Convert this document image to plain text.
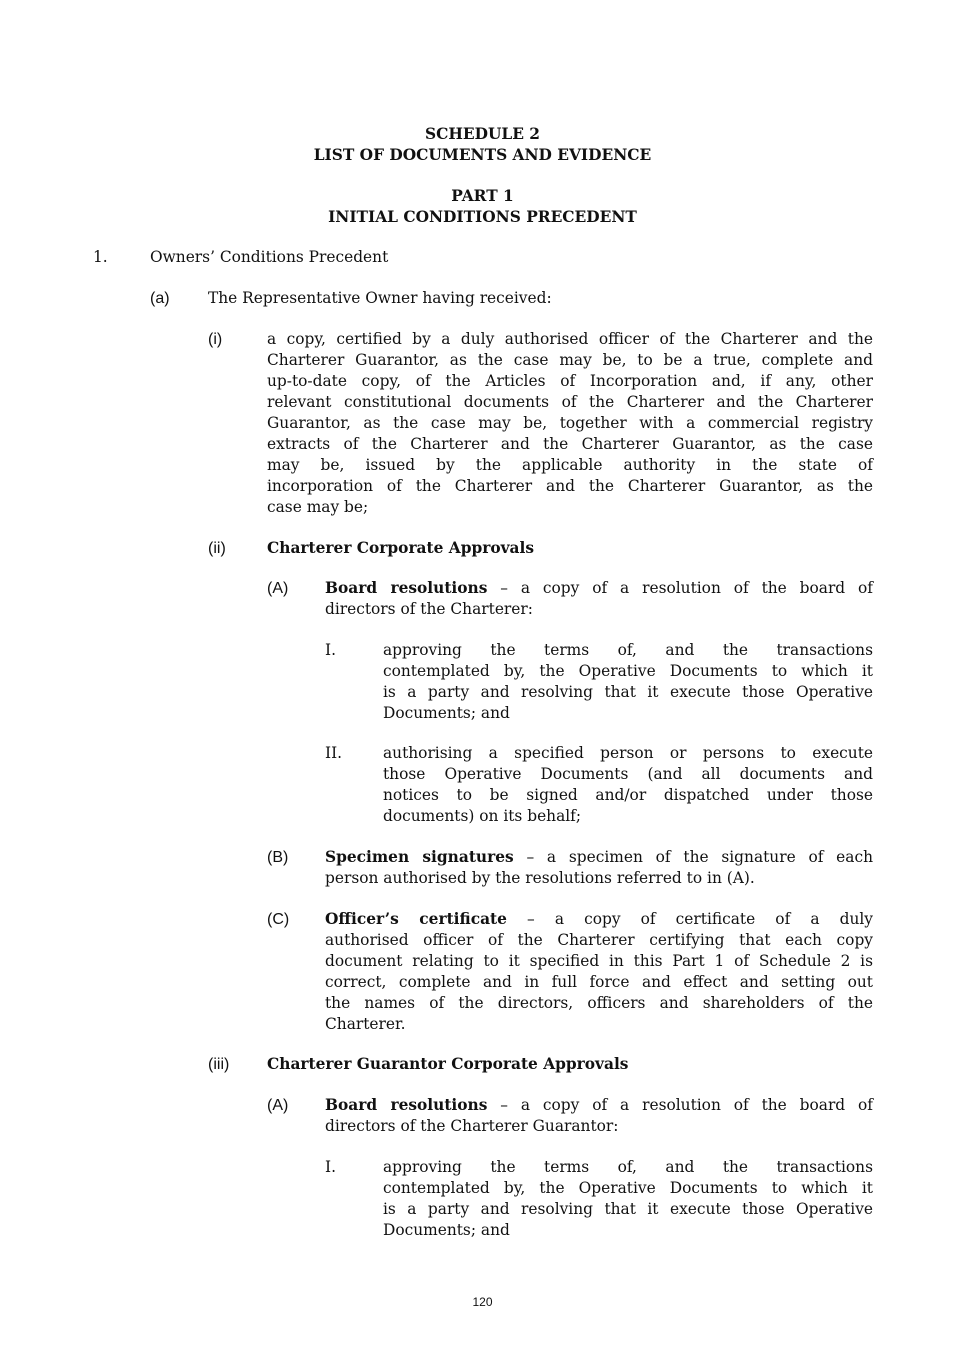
SCHEDULE 2
LIST OF DOCUMENTS AND EVIDENCE
PART 1
INITIAL CONDITIONS PRECEDENT
1.	Owners’ Conditions Precedent
(a) The Representative Owner having received:
(i)	a copy, certified by a duly authorised officer of the Charterer and the
Charterer Guarantor, as the case may be, to be a true, complete and
up-to-date copy, of the Articles of Incorporation and, if any, other
relevant constitutional documents of the Charterer and the Charterer
Guarantor, as the case may be, together with a commercial registry
extracts of the Charterer and the Charterer Guarantor, as the case
may be, issued by the applicable authority in the state of
incorporation of the Charterer and the Charterer Guarantor, as the
case may be;
(ii)	Charterer Corporate Approvals
(A) Board resolutions – a copy of a resolution of the board of
directors of the Charterer:
I.	approving the terms of, and the transactions
contemplated by, the Operative Documents to which it
is a party and resolving that it execute those Operative
Documents; and
II.	authorising a specified person or persons to execute
those Operative Documents (and all documents and
notices to be signed and/or dispatched under those
documents) on its behalf;
(B) Specimen signatures – a specimen of the signature of each
person authorised by the resolutions referred to in (A).
(C) Officer’s certificate – a copy of certificate of a duly
authorised officer of the Charterer certifying that each copy
document relating to it specified in this Part 1 of Schedule 2 is
correct, complete and in full force and effect and setting out
the names of the directors, officers and shareholders of the
Charterer.
(iii) Charterer Guarantor Corporate Approvals
(A) Board resolutions – a copy of a resolution of the board of
directors of the Charterer Guarantor:
I.	approving the terms of, and the transactions
contemplated by, the Operative Documents to which it
is a party and resolving that it execute those Operative
Documents; and
120
